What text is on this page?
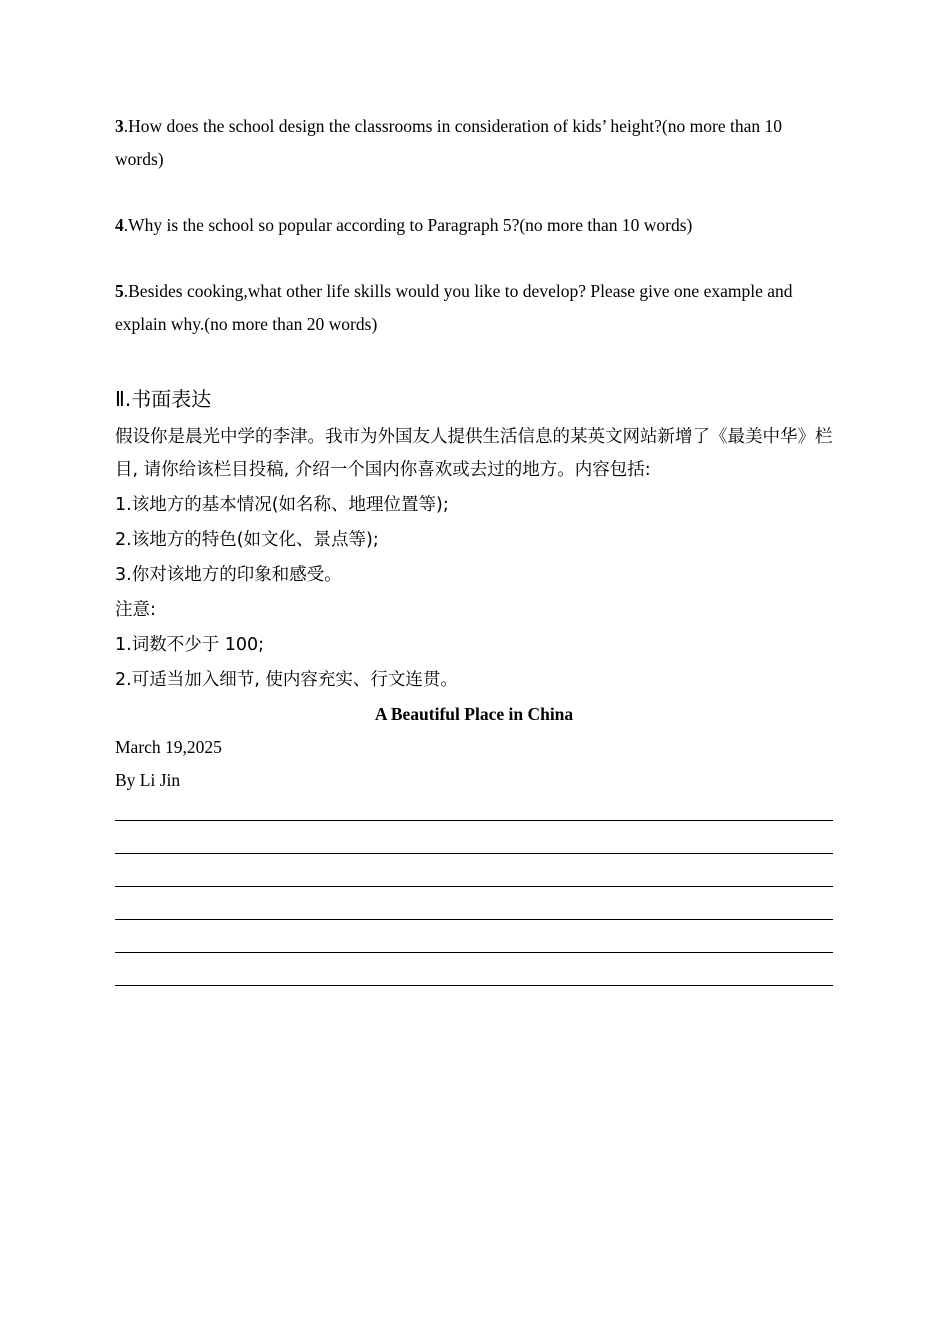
3.How does the school design the classrooms in consideration of kids’ height?(no more than 10 words)
4.Why is the school so popular according to Paragraph 5?(no more than 10 words)
5.Besides cooking,what other life skills would you like to develop? Please give one example and explain why.(no more than 20 words)
Ⅱ.书面表达
假设你是晨光中学的李津。我市为外国友人提供生活信息的某英文网站新增了《最美中华》栏目, 请你给该栏目投稿, 介绍一个国内你喜欢或去过的地方。内容包括:
1.该地方的基本情况(如名称、地理位置等);
2.该地方的特色(如文化、景点等);
3.你对该地方的印象和感受。
注意:
1.词数不少于 100;
2.可适当加入细节, 使内容充实、行文连贯。
A Beautiful Place in China
March 19,2025
By Li Jin
